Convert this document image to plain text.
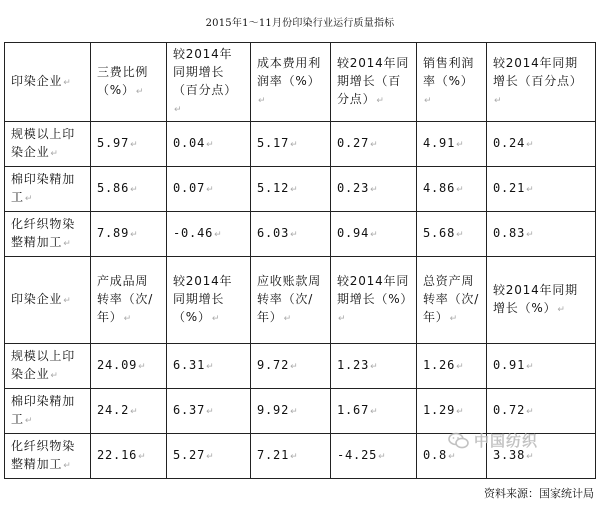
2015年1～11月份印染行业运行质量指标
印染企业↵	三费比例（%）↵	较2014年同期增长（百分点）↵	成本费用利润率（%）↵	较2014年同期增长（百分点）↵	销售利润率（%）↵	较2014年同期增长（百分点）↵
规模以上印染企业↵	5.97↵	0.04↵	5.17↵	0.27↵	4.91↵	0.24↵
棉印染精加工↵	5.86↵	0.07↵	5.12↵	0.23↵	4.86↵	0.21↵
化纤织物染整精加工↵	7.89↵	-0.46↵	6.03↵	0.94↵	5.68↵	0.83↵
印染企业↵	产成品周转率（次/年）↵	较2014年同期增长（%）↵	应收账款周转率（次/年）↵	较2014年同期增长（%）↵	总资产周转率（次/年）↵	较2014年同期增长（%）↵
规模以上印染企业↵	24.09↵	6.31↵	9.72↵	1.23↵	1.26↵	0.91↵
棉印染精加工↵	24.2↵	6.37↵	9.92↵	1.67↵	1.29↵	0.72↵
化纤织物染整精加工↵	22.16↵	5.27↵	7.21↵	-4.25↵	0.8↵	3.38↵
中国纺织
资料来源：国家统计局
